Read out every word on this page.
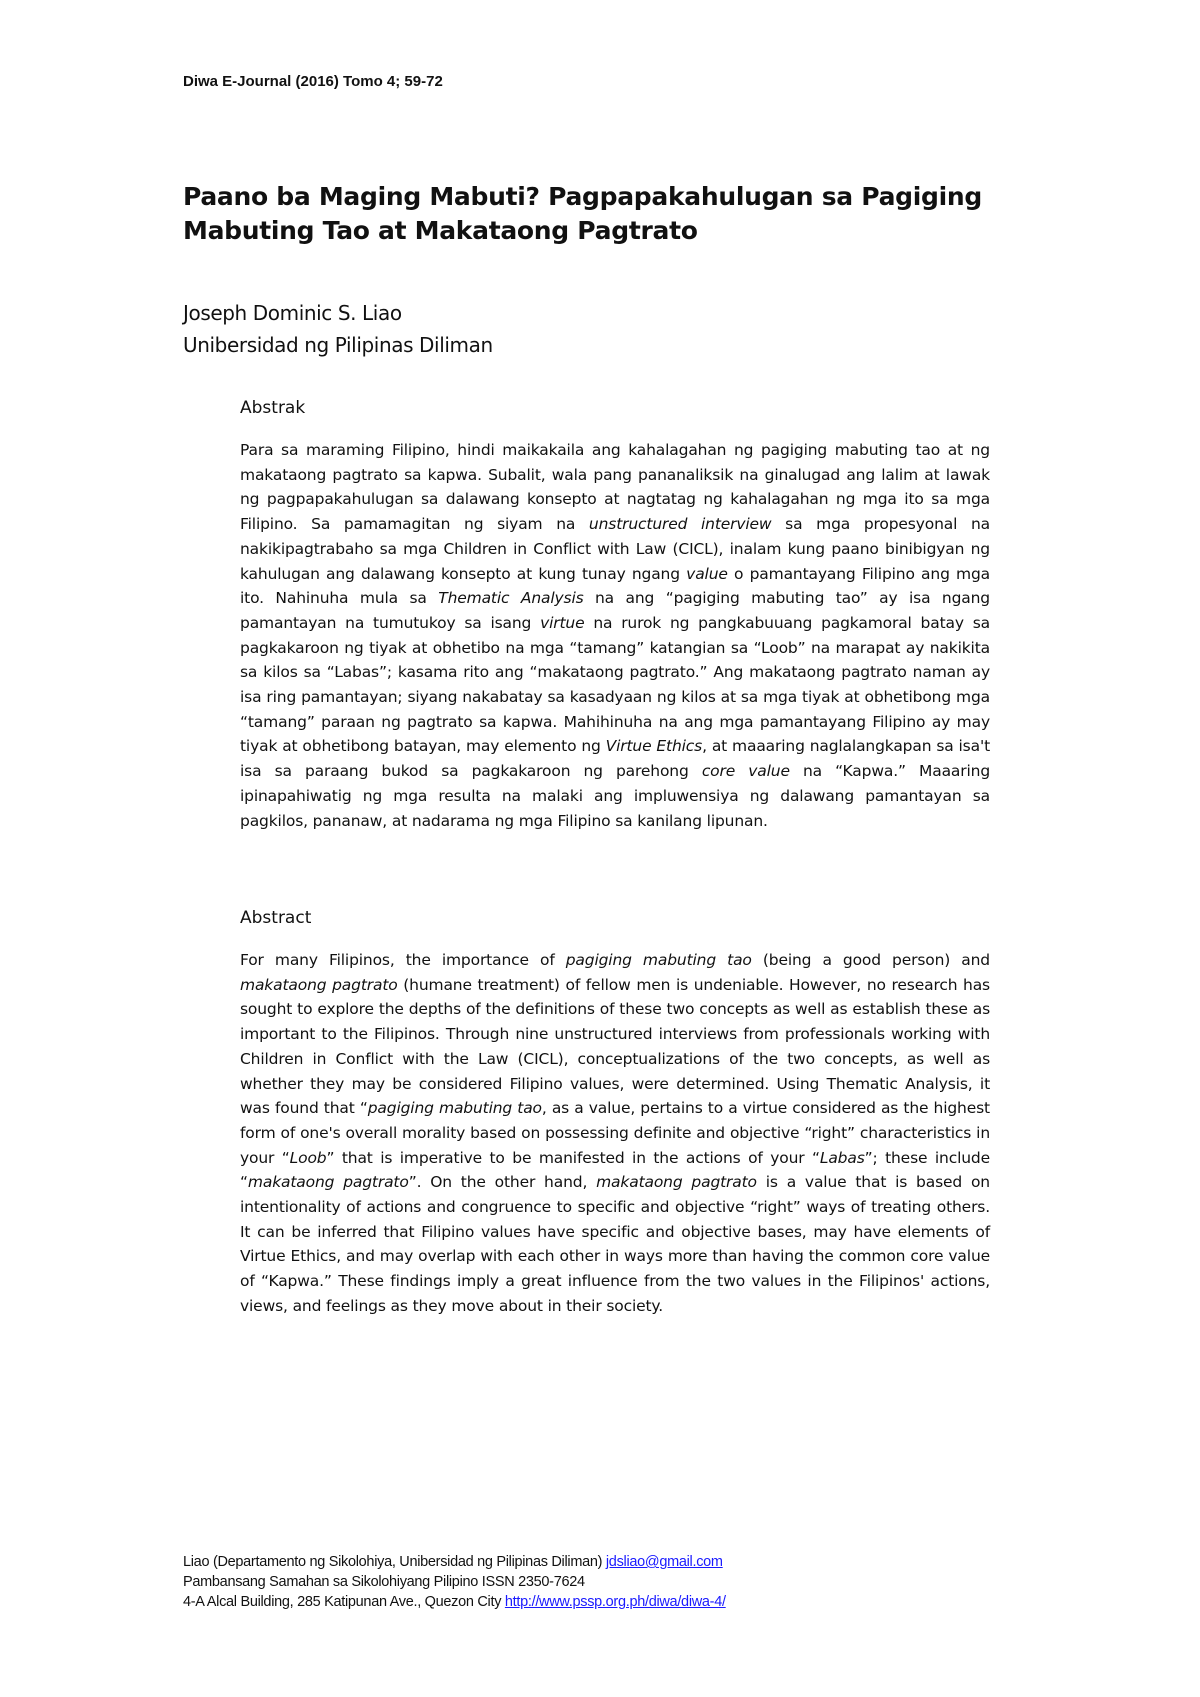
Diwa E-Journal (2016) Tomo 4; 59-72
Paano ba Maging Mabuti? Pagpapakahulugan sa Pagiging Mabuting Tao at Makataong Pagtrato
Joseph Dominic S. Liao
Unibersidad ng Pilipinas Diliman
Abstrak

Para sa maraming Filipino, hindi maikakaila ang kahalagahan ng pagiging mabuting tao at ng makataong pagtrato sa kapwa. Subalit, wala pang pananaliksik na ginalugad ang lalim at lawak ng pagpapakahulugan sa dalawang konsepto at nagtatag ng kahalagahan ng mga ito sa mga Filipino. Sa pamamagitan ng siyam na unstructured interview sa mga propesyonal na nakikipagtrabaho sa mga Children in Conflict with Law (CICL), inalam kung paano binibigyan ng kahulugan ang dalawang konsepto at kung tunay ngang value o pamantayang Filipino ang mga ito. Nahinuha mula sa Thematic Analysis na ang “pagiging mabuting tao” ay isa ngang pamantayan na tumutukoy sa isang virtue na rurok ng pangkabuuang pagkamoral batay sa pagkakaroon ng tiyak at obhetibo na mga “tamang” katangian sa “Loob” na marapat ay nakikita sa kilos sa “Labas”; kasama rito ang “makataong pagtrato.” Ang makataong pagtrato naman ay isa ring pamantayan; siyang nakabatay sa kasadyaan ng kilos at sa mga tiyak at obhetibong mga “tamang” paraan ng pagtrato sa kapwa. Mahihinuha na ang mga pamantayang Filipino ay may tiyak at obhetibong batayan, may elemento ng Virtue Ethics, at maaaring naglalangkapan sa isa't isa sa paraang bukod sa pagkakaroon ng parehong core value na “Kapwa.” Maaaring ipinapahiwatig ng mga resulta na malaki ang impluwensiya ng dalawang pamantayan sa pagkilos, pananaw, at nadarama ng mga Filipino sa kanilang lipunan.

Abstract

For many Filipinos, the importance of pagiging mabuting tao (being a good person) and makataong pagtrato (humane treatment) of fellow men is undeniable. However, no research has sought to explore the depths of the definitions of these two concepts as well as establish these as important to the Filipinos. Through nine unstructured interviews from professionals working with Children in Conflict with the Law (CICL), conceptualizations of the two concepts, as well as whether they may be considered Filipino values, were determined. Using Thematic Analysis, it was found that “pagiging mabuting tao, as a value, pertains to a virtue considered as the highest form of one's overall morality based on possessing definite and objective “right” characteristics in your “Loob” that is imperative to be manifested in the actions of your “Labas”; these include “makataong pagtrato”. On the other hand, makataong pagtrato is a value that is based on intentionality of actions and congruence to specific and objective “right” ways of treating others. It can be inferred that Filipino values have specific and objective bases, may have elements of Virtue Ethics, and may overlap with each other in ways more than having the common core value of “Kapwa.” These findings imply a great influence from the two values in the Filipinos' actions, views, and feelings as they move about in their society.

Liao (Departamento ng Sikolohiya, Unibersidad ng Pilipinas Diliman) jdsliao@gmail.com
Pambansang Samahan sa Sikolohiyang Pilipino ISSN 2350-7624
4-A Alcal Building, 285 Katipunan Ave., Quezon City http://www.pssp.org.ph/diwa/diwa-4/
